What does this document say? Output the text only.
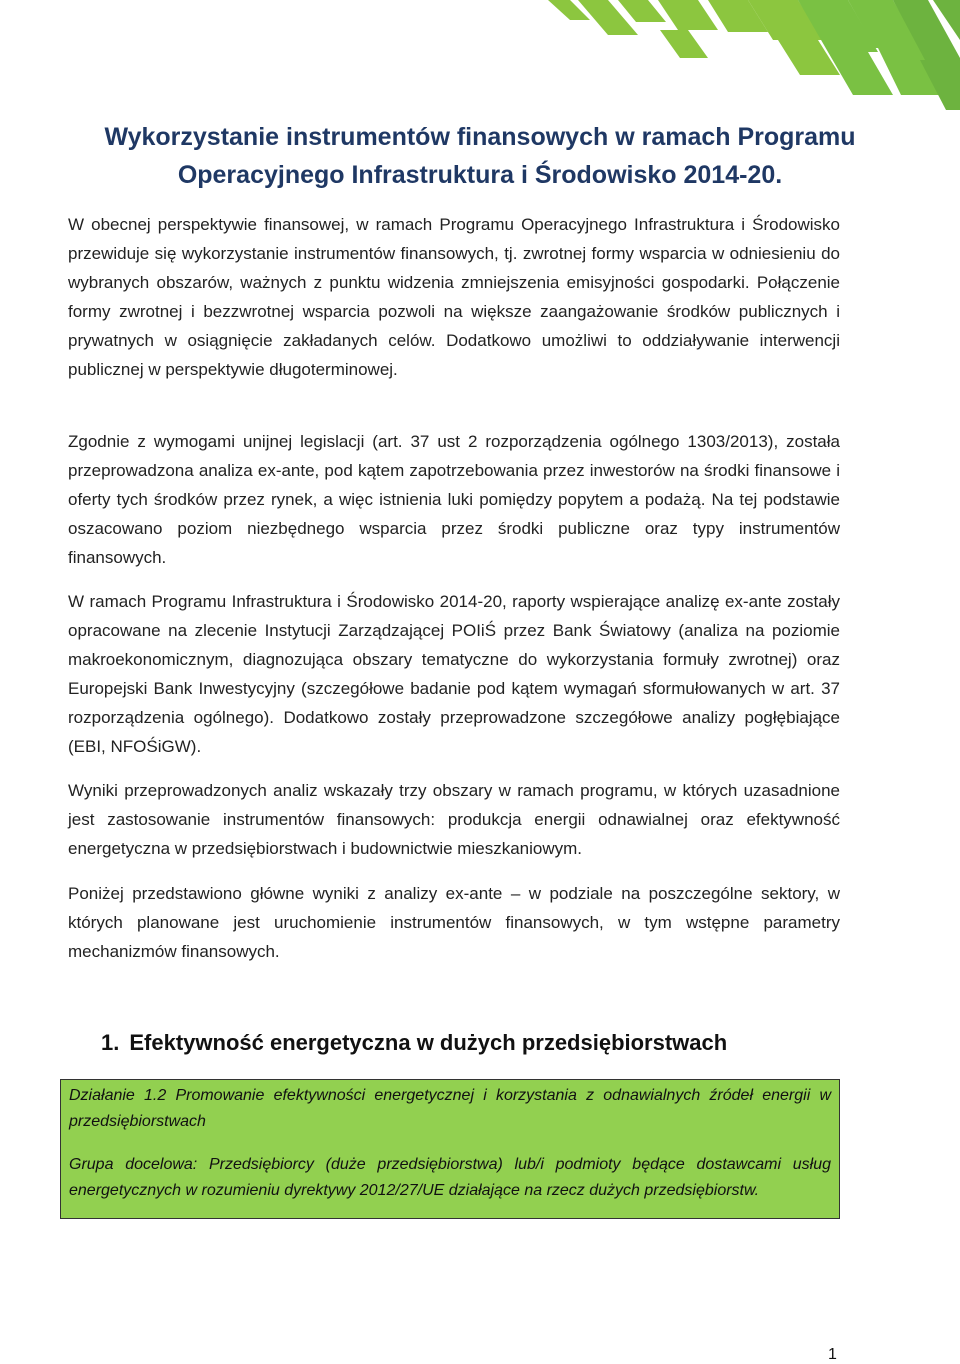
Wykorzystanie instrumentów finansowych w ramach Programu
Operacyjnego Infrastruktura i Środowisko 2014-20.

W obecnej perspektywie finansowej, w ramach Programu Operacyjnego Infrastruktura i Środowisko przewiduje się wykorzystanie instrumentów finansowych, tj. zwrotnej formy wsparcia w odniesieniu do wybranych obszarów, ważnych z punktu widzenia zmniejszenia emisyjności gospodarki. Połączenie formy zwrotnej i bezzwrotnej wsparcia pozwoli na większe zaangażowanie środków publicznych i prywatnych w osiągnięcie zakładanych celów. Dodatkowo umożliwi to oddziaływanie interwencji publicznej w perspektywie długoterminowej.

Zgodnie z wymogami unijnej legislacji (art. 37 ust 2 rozporządzenia ogólnego 1303/2013), została przeprowadzona analiza ex-ante, pod kątem zapotrzebowania przez inwestorów na środki finansowe i oferty tych środków przez rynek, a więc istnienia luki pomiędzy popytem a podażą. Na tej podstawie oszacowano poziom niezbędnego wsparcia przez środki publiczne oraz typy instrumentów finansowych.

W ramach Programu Infrastruktura i Środowisko 2014-20, raporty wspierające analizę ex-ante zostały opracowane na zlecenie Instytucji Zarządzającej POIiŚ przez Bank Światowy (analiza na poziomie makroekonomicznym, diagnozująca obszary tematyczne do wykorzystania formuły zwrotnej) oraz Europejski Bank Inwestycyjny (szczegółowe badanie pod kątem wymagań sformułowanych w art. 37 rozporządzenia ogólnego). Dodatkowo zostały przeprowadzone szczegółowe analizy pogłębiające (EBI, NFOŚiGW).

Wyniki przeprowadzonych analiz wskazały trzy obszary w ramach programu, w których uzasadnione jest zastosowanie instrumentów finansowych: produkcja energii odnawialnej oraz efektywność energetyczna w przedsiębiorstwach i budownictwie mieszkaniowym.

Poniżej przedstawiono główne wyniki z analizy ex-ante – w podziale na poszczególne sektory, w których planowane jest uruchomienie instrumentów finansowych, w tym wstępne parametry mechanizmów finansowych.

1. Efektywność energetyczna w dużych przedsiębiorstwach

Działanie 1.2 Promowanie efektywności energetycznej i korzystania z odnawialnych źródeł energii w przedsiębiorstwach

Grupa docelowa: Przedsiębiorcy (duże przedsiębiorstwa) lub/i podmioty będące dostawcami usług energetycznych w rozumieniu dyrektywy 2012/27/UE działające na rzecz dużych przedsiębiorstw.

1
